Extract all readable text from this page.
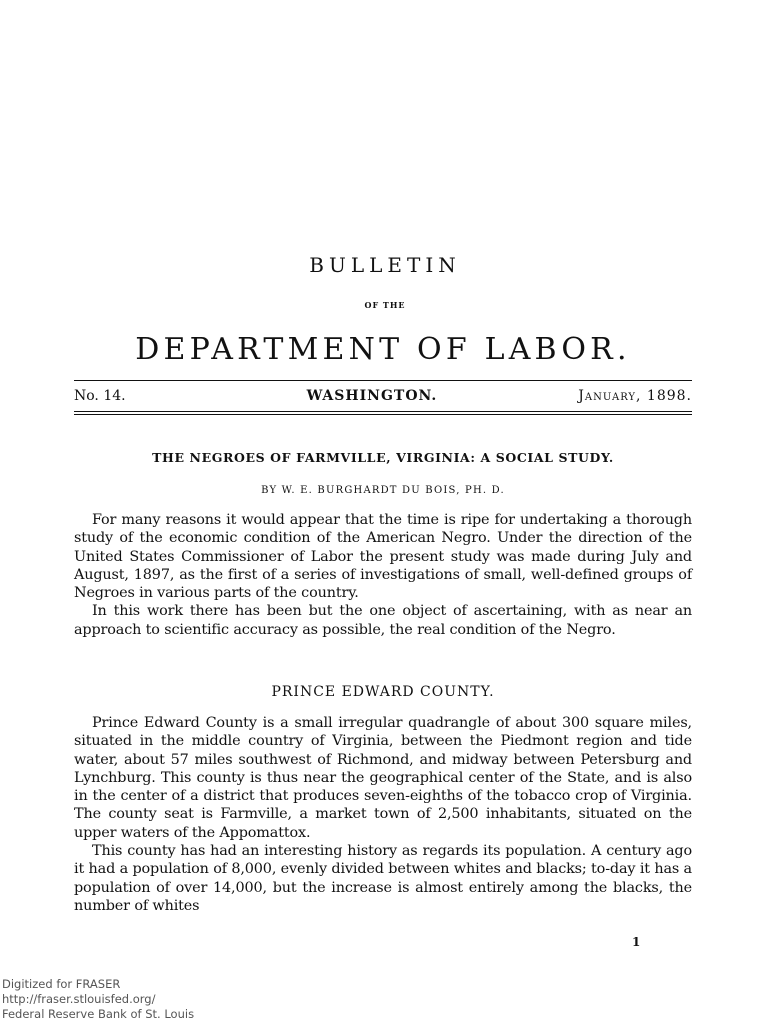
BULLETIN
OF THE
DEPARTMENT OF LABOR.
No. 14.	WASHINGTON.	January, 1898.
THE NEGROES OF FARMVILLE, VIRGINIA: A SOCIAL STUDY.
BY W. E. BURGHARDT DU BOIS, PH. D.

For many reasons it would appear that the time is ripe for undertaking a thorough study of the economic condition of the American Negro. Under the direction of the United States Commissioner of Labor the present study was made during July and August, 1897, as the first of a series of investigations of small, well-defined groups of Negroes in various parts of the country.

In this work there has been but the one object of ascertaining, with as near an approach to scientific accuracy as possible, the real condition of the Negro.

PRINCE EDWARD COUNTY.

Prince Edward County is a small irregular quadrangle of about 300 square miles, situated in the middle country of Virginia, between the Piedmont region and tide water, about 57 miles southwest of Richmond, and midway between Petersburg and Lynchburg. This county is thus near the geographical center of the State, and is also in the center of a district that produces seven-eighths of the tobacco crop of Virginia. The county seat is Farmville, a market town of 2,500 inhabitants, situated on the upper waters of the Appomattox.

This county has had an interesting history as regards its population. A century ago it had a population of 8,000, evenly divided between whites and blacks; to-day it has a population of over 14,000, but the increase is almost entirely among the blacks, the number of whites

1
Digitized for FRASER
http://fraser.stlouisfed.org/
Federal Reserve Bank of St. Louis
